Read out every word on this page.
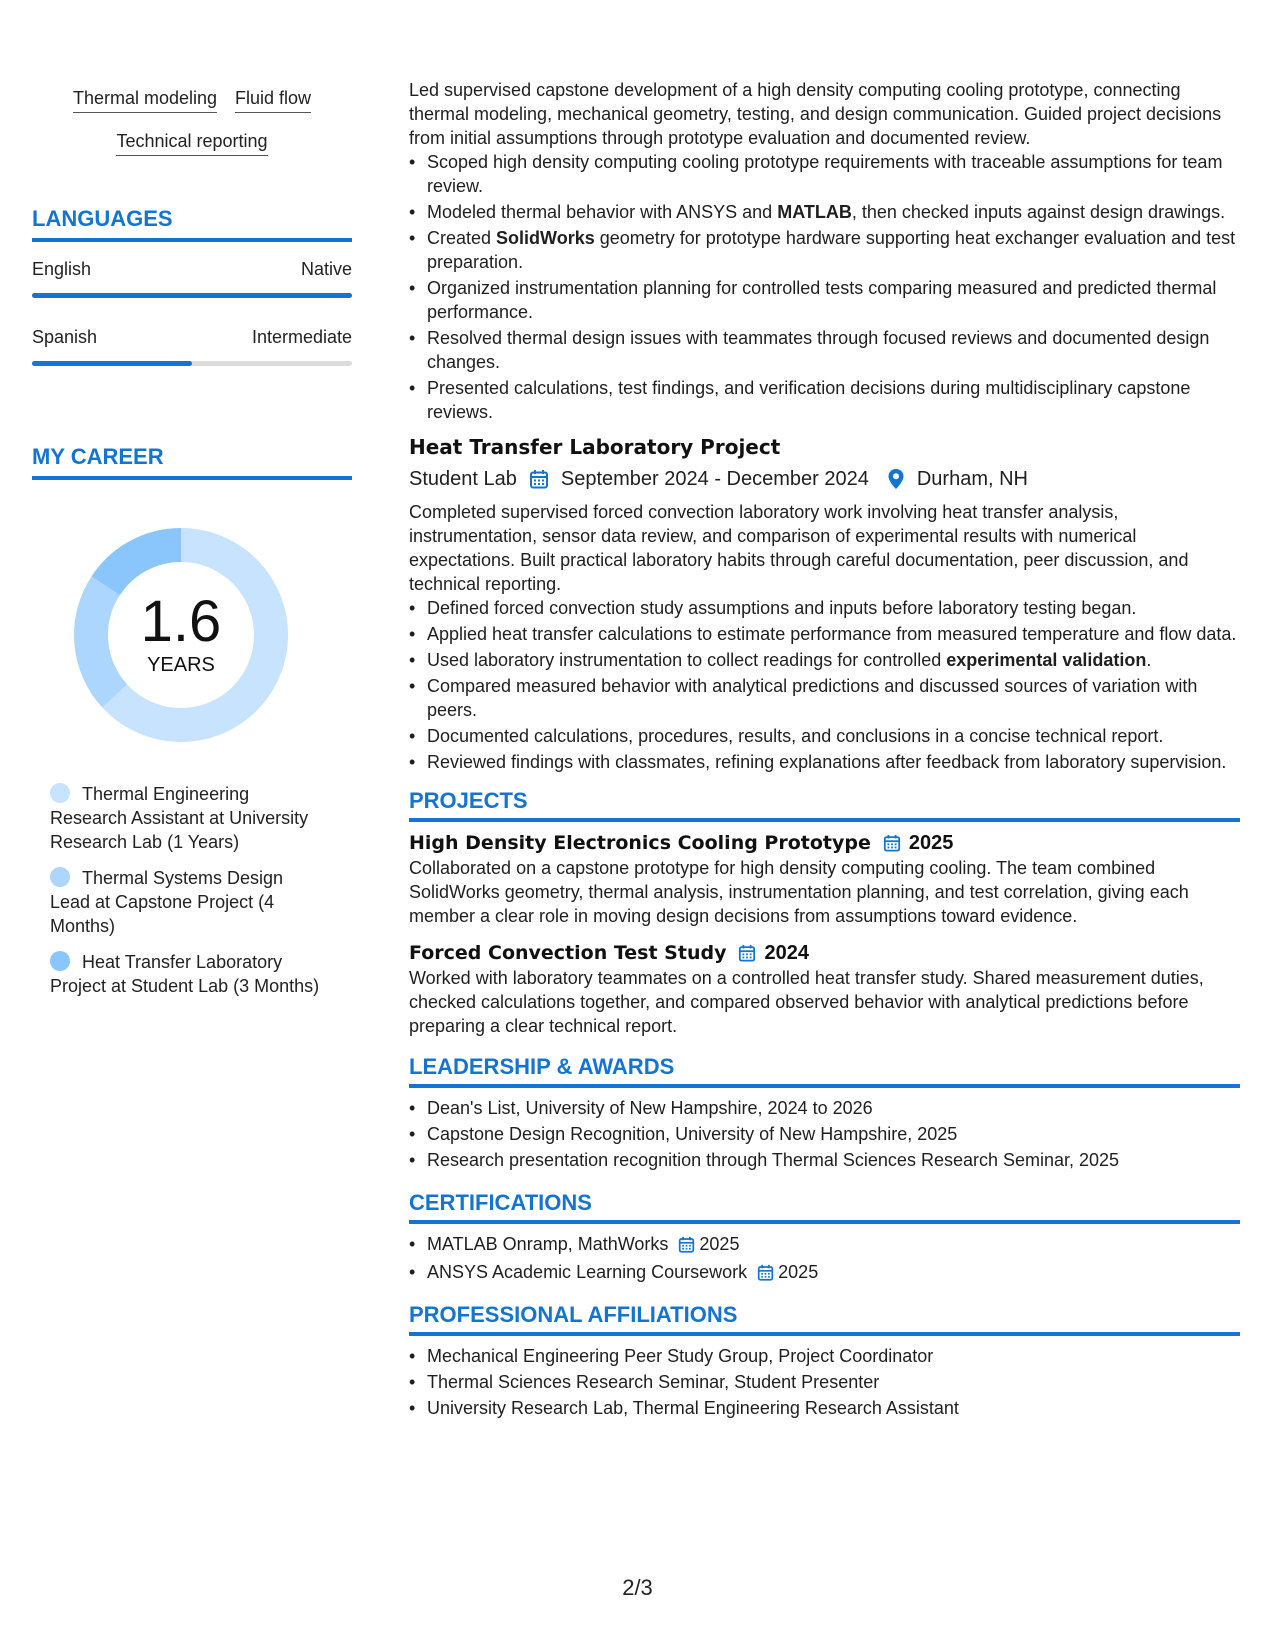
Thermal modeling Fluid flow
Technical reporting
LANGUAGES
English	Native
Spanish	Intermediate
MY CAREER
1.6
YEARS
Thermal Engineering Research Assistant at University Research Lab (1 Years)
Thermal Systems Design Lead at Capstone Project (4 Months)
Heat Transfer Laboratory Project at Student Lab (3 Months)

Led supervised capstone development of a high density computing cooling prototype, connecting thermal modeling, mechanical geometry, testing, and design communication. Guided project decisions from initial assumptions through prototype evaluation and documented review.

• Scoped high density computing cooling prototype requirements with traceable assumptions for team review.
• Modeled thermal behavior with ANSYS and MATLAB, then checked inputs against design drawings.
• Created SolidWorks geometry for prototype hardware supporting heat exchanger evaluation and test preparation.
• Organized instrumentation planning for controlled tests comparing measured and predicted thermal performance.
• Resolved thermal design issues with teammates through focused reviews and documented design changes.
• Presented calculations, test findings, and verification decisions during multidisciplinary capstone reviews.
Heat Transfer Laboratory Project
Student Lab September 2024 - December 2024 Durham, NH

Completed supervised forced convection laboratory work involving heat transfer analysis, instrumentation, sensor data review, and comparison of experimental results with numerical expectations. Built practical laboratory habits through careful documentation, peer discussion, and technical reporting.

• Defined forced convection study assumptions and inputs before laboratory testing began.
• Applied heat transfer calculations to estimate performance from measured temperature and flow data.
• Used laboratory instrumentation to collect readings for controlled experimental validation.
• Compared measured behavior with analytical predictions and discussed sources of variation with peers.
• Documented calculations, procedures, results, and conclusions in a concise technical report.
• Reviewed findings with classmates, refining explanations after feedback from laboratory supervision.
PROJECTS
High Density Electronics Cooling Prototype 2025

Collaborated on a capstone prototype for high density computing cooling. The team combined SolidWorks geometry, thermal analysis, instrumentation planning, and test correlation, giving each member a clear role in moving design decisions from assumptions toward evidence.

Forced Convection Test Study 2024

Worked with laboratory teammates on a controlled heat transfer study. Shared measurement duties, checked calculations together, and compared observed behavior with analytical predictions before preparing a clear technical report.

LEADERSHIP & AWARDS
• Dean's List, University of New Hampshire, 2024 to 2026
• Capstone Design Recognition, University of New Hampshire, 2025
• Research presentation recognition through Thermal Sciences Research Seminar, 2025
CERTIFICATIONS
• MATLAB Onramp, MathWorks 2025
• ANSYS Academic Learning Coursework 2025
PROFESSIONAL AFFILIATIONS
• Mechanical Engineering Peer Study Group, Project Coordinator
• Thermal Sciences Research Seminar, Student Presenter
• University Research Lab, Thermal Engineering Research Assistant
2/3
